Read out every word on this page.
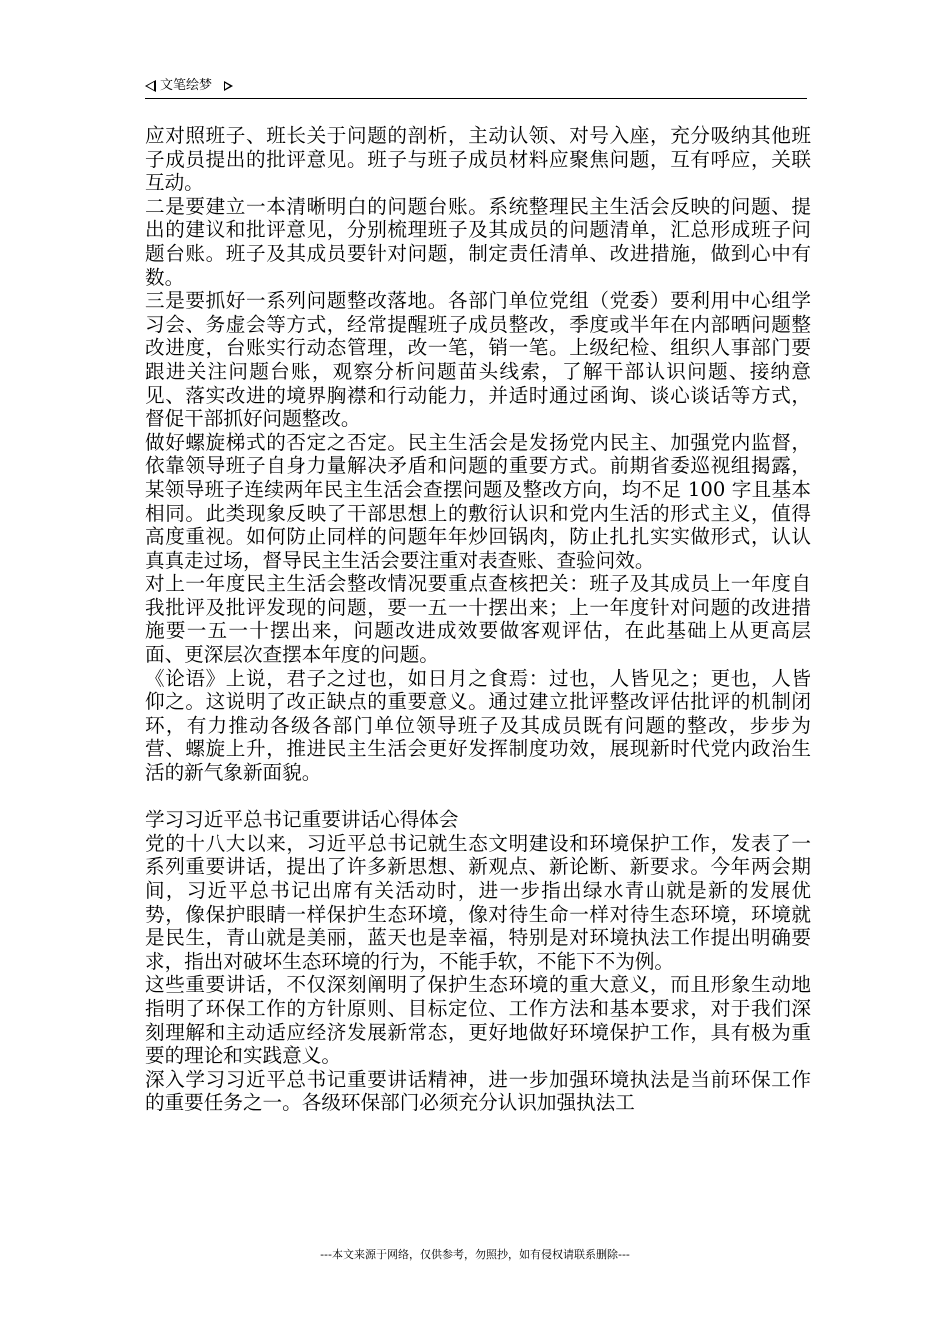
文笔绘梦

应对照班子、班长关于问题的剖析，主动认领、对号入座，充分吸纳其他班子成员提出的批评意见。班子与班子成员材料应聚焦问题，互有呼应，关联互动。

二是要建立一本清晰明白的问题台账。系统整理民主生活会反映的问题、提出的建议和批评意见，分别梳理班子及其成员的问题清单，汇总形成班子问题台账。班子及其成员要针对问题，制定责任清单、改进措施，做到心中有数。

三是要抓好一系列问题整改落地。各部门单位党组（党委）要利用中心组学习会、务虚会等方式，经常提醒班子成员整改，季度或半年在内部晒问题整改进度，台账实行动态管理，改一笔，销一笔。上级纪检、组织人事部门要跟进关注问题台账，观察分析问题苗头线索，了解干部认识问题、接纳意见、落实改进的境界胸襟和行动能力，并适时通过函询、谈心谈话等方式，督促干部抓好问题整改。

做好螺旋梯式的否定之否定。民主生活会是发扬党内民主、加强党内监督，依靠领导班子自身力量解决矛盾和问题的重要方式。前期省委巡视组揭露，某领导班子连续两年民主生活会查摆问题及整改方向，均不足 100 字且基本相同。此类现象反映了干部思想上的敷衍认识和党内生活的形式主义，值得高度重视。如何防止同样的问题年年炒回锅肉，防止扎扎实实做形式，认认真真走过场，督导民主生活会要注重对表查账、查验问效。

对上一年度民主生活会整改情况要重点查核把关：班子及其成员上一年度自我批评及批评发现的问题，要一五一十摆出来；上一年度针对问题的改进措施要一五一十摆出来，问题改进成效要做客观评估，在此基础上从更高层面、更深层次查摆本年度的问题。

《论语》上说，君子之过也，如日月之食焉：过也，人皆见之；更也，人皆仰之。这说明了改正缺点的重要意义。通过建立批评整改评估批评的机制闭环，有力推动各级各部门单位领导班子及其成员既有问题的整改，步步为营、螺旋上升，推进民主生活会更好发挥制度功效，展现新时代党内政治生活的新气象新面貌。

学习习近平总书记重要讲话心得体会

党的十八大以来，习近平总书记就生态文明建设和环境保护工作，发表了一系列重要讲话，提出了许多新思想、新观点、新论断、新要求。今年两会期间，习近平总书记出席有关活动时，进一步指出绿水青山就是新的发展优势，像保护眼睛一样保护生态环境，像对待生命一样对待生态环境，环境就是民生，青山就是美丽，蓝天也是幸福，特别是对环境执法工作提出明确要求，指出对破坏生态环境的行为，不能手软，不能下不为例。

这些重要讲话，不仅深刻阐明了保护生态环境的重大意义，而且形象生动地指明了环保工作的方针原则、目标定位、工作方法和基本要求，对于我们深刻理解和主动适应经济发展新常态，更好地做好环境保护工作，具有极为重要的理论和实践意义。

深入学习习近平总书记重要讲话精神，进一步加强环境执法是当前环保工作的重要任务之一。各级环保部门必须充分认识加强执法工

---本文来源于网络，仅供参考，勿照抄，如有侵权请联系删除---
